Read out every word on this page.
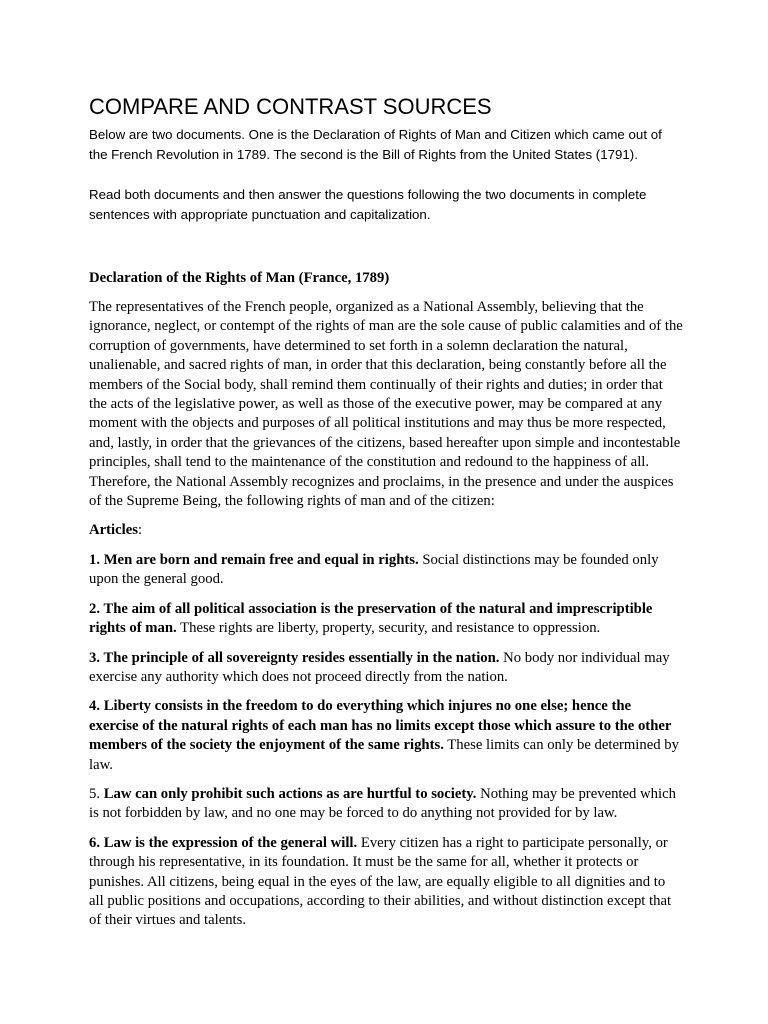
COMPARE AND CONTRAST SOURCES

Below are two documents. One is the Declaration of Rights of Man and Citizen which came out of the French Revolution in 1789. The second is the Bill of Rights from the United States (1791).

Read both documents and then answer the questions following the two documents in complete sentences with appropriate punctuation and capitalization.

Declaration of the Rights of Man (France, 1789)

The representatives of the French people, organized as a National Assembly, believing that the ignorance, neglect, or contempt of the rights of man are the sole cause of public calamities and of the corruption of governments, have determined to set forth in a solemn declaration the natural, unalienable, and sacred rights of man, in order that this declaration, being constantly before all the members of the Social body, shall remind them continually of their rights and duties; in order that the acts of the legislative power, as well as those of the executive power, may be compared at any moment with the objects and purposes of all political institutions and may thus be more respected, and, lastly, in order that the grievances of the citizens, based hereafter upon simple and incontestable principles, shall tend to the maintenance of the constitution and redound to the happiness of all. Therefore, the National Assembly recognizes and proclaims, in the presence and under the auspices of the Supreme Being, the following rights of man and of the citizen:

Articles:

1. Men are born and remain free and equal in rights. Social distinctions may be founded only upon the general good.

2. The aim of all political association is the preservation of the natural and imprescriptible rights of man. These rights are liberty, property, security, and resistance to oppression.

3. The principle of all sovereignty resides essentially in the nation. No body nor individual may exercise any authority which does not proceed directly from the nation.

4. Liberty consists in the freedom to do everything which injures no one else; hence the exercise of the natural rights of each man has no limits except those which assure to the other members of the society the enjoyment of the same rights. These limits can only be determined by law.

5. Law can only prohibit such actions as are hurtful to society. Nothing may be prevented which is not forbidden by law, and no one may be forced to do anything not provided for by law.

6. Law is the expression of the general will. Every citizen has a right to participate personally, or through his representative, in its foundation. It must be the same for all, whether it protects or punishes. All citizens, being equal in the eyes of the law, are equally eligible to all dignities and to all public positions and occupations, according to their abilities, and without distinction except that of their virtues and talents.
